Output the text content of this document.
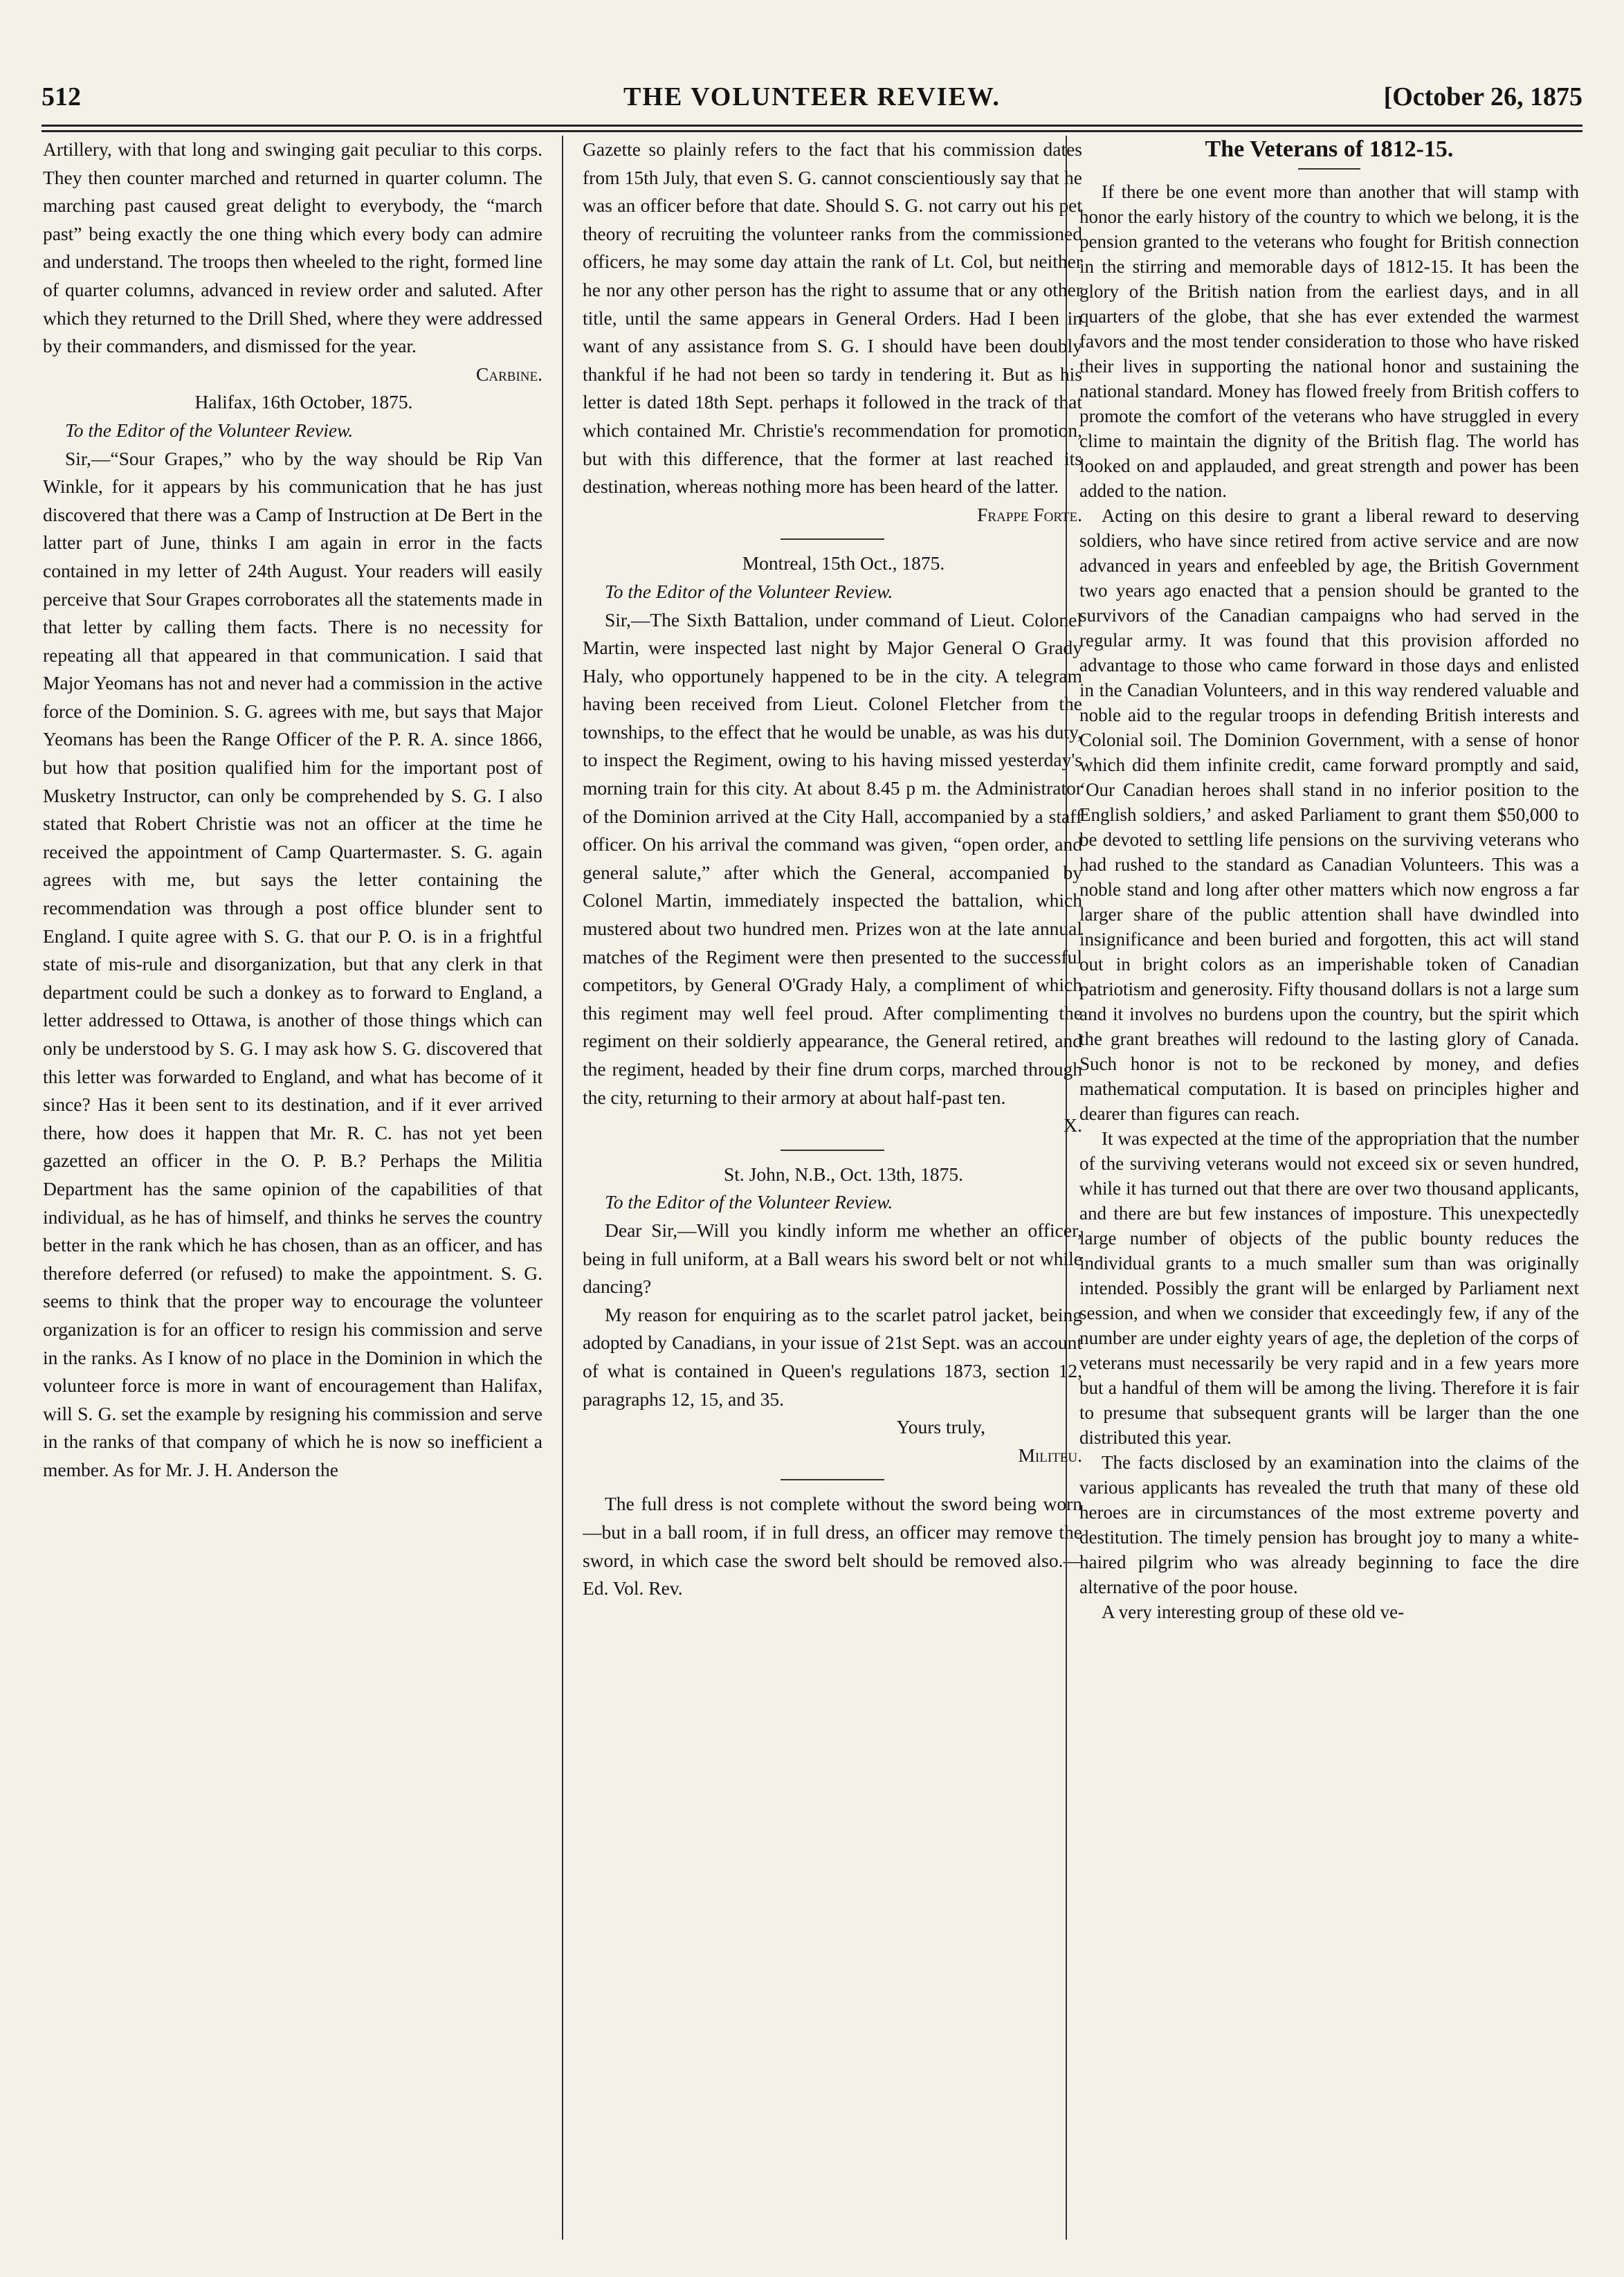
512	THE VOLUNTEER REVIEW.	[October 26, 1875

Artillery, with that long and swinging gait peculiar to this corps. They then counter marched and returned in quarter column. The marching past caused great delight to everybody, the “march past” being exactly the one thing which every body can admire and understand. The troops then wheeled to the right, formed line of quarter columns, advanced in review order and saluted. After which they returned to the Drill Shed, where they were addressed by their commanders, and dismissed for the year.

Carbine.

Halifax, 16th October, 1875.

To the Editor of the Volunteer Review.

Sir,—“Sour Grapes,” who by the way should be Rip Van Winkle, for it appears by his communication that he has just discovered that there was a Camp of Instruction at De Bert in the latter part of June, thinks I am again in error in the facts contained in my letter of 24th August. Your readers will easily perceive that Sour Grapes corroborates all the statements made in that letter by calling them facts. There is no necessity for repeating all that appeared in that communication. I said that Major Yeomans has not and never had a commission in the active force of the Dominion. S. G. agrees with me, but says that Major Yeomans has been the Range Officer of the P. R. A. since 1866, but how that position qualified him for the important post of Musketry Instructor, can only be comprehended by S. G. I also stated that Robert Christie was not an officer at the time he received the appointment of Camp Quartermaster. S. G. again agrees with me, but says the letter containing the recommendation was through a post office blunder sent to England. I quite agree with S. G. that our P. O. is in a frightful state of mis-rule and disorganization, but that any clerk in that department could be such a donkey as to forward to England, a letter addressed to Ottawa, is another of those things which can only be understood by S. G. I may ask how S. G. discovered that this letter was forwarded to England, and what has become of it since? Has it been sent to its destination, and if it ever arrived there, how does it happen that Mr. R. C. has not yet been gazetted an officer in the O. P. B.? Perhaps the Militia Department has the same opinion of the capabilities of that individual, as he has of himself, and thinks he serves the country better in the rank which he has chosen, than as an officer, and has therefore deferred (or refused) to make the appointment. S. G. seems to think that the proper way to encourage the volunteer organization is for an officer to resign his commission and serve in the ranks. As I know of no place in the Dominion in which the volunteer force is more in want of encouragement than Halifax, will S. G. set the example by resigning his commission and serve in the ranks of that company of which he is now so inefficient a member. As for Mr. J. H. Anderson the

Gazette so plainly refers to the fact that his commission dates from 15th July, that even S. G. cannot conscientiously say that he was an officer before that date. Should S. G. not carry out his pet theory of recruiting the volunteer ranks from the commissioned officers, he may some day attain the rank of Lt. Col, but neither he nor any other person has the right to assume that or any other title, until the same appears in General Orders. Had I been in want of any assistance from S. G. I should have been doubly thankful if he had not been so tardy in tendering it. But as his letter is dated 18th Sept. perhaps it followed in the track of that which contained Mr. Christie's recommendation for promotion, but with this difference, that the former at last reached its destination, whereas nothing more has been heard of the latter.

Frappe Forte.

Montreal, 15th Oct., 1875.

To the Editor of the Volunteer Review.

Sir,—The Sixth Battalion, under command of Lieut. Colonel Martin, were inspected last night by Major General O Grady Haly, who opportunely happened to be in the city. A telegram having been received from Lieut. Colonel Fletcher from the townships, to the effect that he would be unable, as was his duty, to inspect the Regiment, owing to his having missed yesterday's morning train for this city. At about 8.45 p m. the Administrator of the Dominion arrived at the City Hall, accompanied by a staff officer. On his arrival the command was given, “open order, and general salute,” after which the General, accompanied by Colonel Martin, immediately inspected the battalion, which mustered about two hundred men. Prizes won at the late annual matches of the Regiment were then presented to the successful competitors, by General O'Grady Haly, a compliment of which this regiment may well feel proud. After complimenting the regiment on their soldierly appearance, the General retired, and the regiment, headed by their fine drum corps, marched through the city, returning to their armory at about half-past ten.

X.

St. John, N.B., Oct. 13th, 1875.

To the Editor of the Volunteer Review.

Dear Sir,—Will you kindly inform me whether an officer, being in full uniform, at a Ball wears his sword belt or not while dancing?

My reason for enquiring as to the scarlet patrol jacket, being adopted by Canadians, in your issue of 21st Sept. was an account of what is contained in Queen's regulations 1873, section 12, paragraphs 12, 15, and 35.

Yours truly,

Militeu.

The full dress is not complete without the sword being worn—but in a ball room, if in full dress, an officer may remove the sword, in which case the sword belt should be removed also.—Ed. Vol. Rev.

The Veterans of 1812-15.

If there be one event more than another that will stamp with honor the early history of the country to which we belong, it is the pension granted to the veterans who fought for British connection in the stirring and memorable days of 1812-15. It has been the glory of the British nation from the earliest days, and in all quarters of the globe, that she has ever extended the warmest favors and the most tender consideration to those who have risked their lives in supporting the national honor and sustaining the national standard. Money has flowed freely from British coffers to promote the comfort of the veterans who have struggled in every clime to maintain the dignity of the British flag. The world has looked on and applauded, and great strength and power has been added to the nation.

Acting on this desire to grant a liberal reward to deserving soldiers, who have since retired from active service and are now advanced in years and enfeebled by age, the British Government two years ago enacted that a pension should be granted to the survivors of the Canadian campaigns who had served in the regular army. It was found that this provision afforded no advantage to those who came forward in those days and enlisted in the Canadian Volunteers, and in this way rendered valuable and noble aid to the regular troops in defending British interests and Colonial soil. The Dominion Government, with a sense of honor which did them infinite credit, came forward promptly and said, ‘Our Canadian heroes shall stand in no inferior position to the English soldiers,’ and asked Parliament to grant them $50,000 to be devoted to settling life pensions on the surviving veterans who had rushed to the standard as Canadian Volunteers. This was a noble stand and long after other matters which now engross a far larger share of the public attention shall have dwindled into insignificance and been buried and forgotten, this act will stand out in bright colors as an imperishable token of Canadian patriotism and generosity. Fifty thousand dollars is not a large sum and it involves no burdens upon the country, but the spirit which the grant breathes will redound to the lasting glory of Canada. Such honor is not to be reckoned by money, and defies mathematical computation. It is based on principles higher and dearer than figures can reach.

It was expected at the time of the appropriation that the number of the surviving veterans would not exceed six or seven hundred, while it has turned out that there are over two thousand applicants, and there are but few instances of imposture. This unexpectedly large number of objects of the public bounty reduces the individual grants to a much smaller sum than was originally intended. Possibly the grant will be enlarged by Parliament next session, and when we consider that exceedingly few, if any of the number are under eighty years of age, the depletion of the corps of veterans must necessarily be very rapid and in a few years more but a handful of them will be among the living. Therefore it is fair to presume that subsequent grants will be larger than the one distributed this year.

The facts disclosed by an examination into the claims of the various applicants has revealed the truth that many of these old heroes are in circumstances of the most extreme poverty and destitution. The timely pension has brought joy to many a white-haired pilgrim who was already beginning to face the dire alternative of the poor house.

A very interesting group of these old ve-
